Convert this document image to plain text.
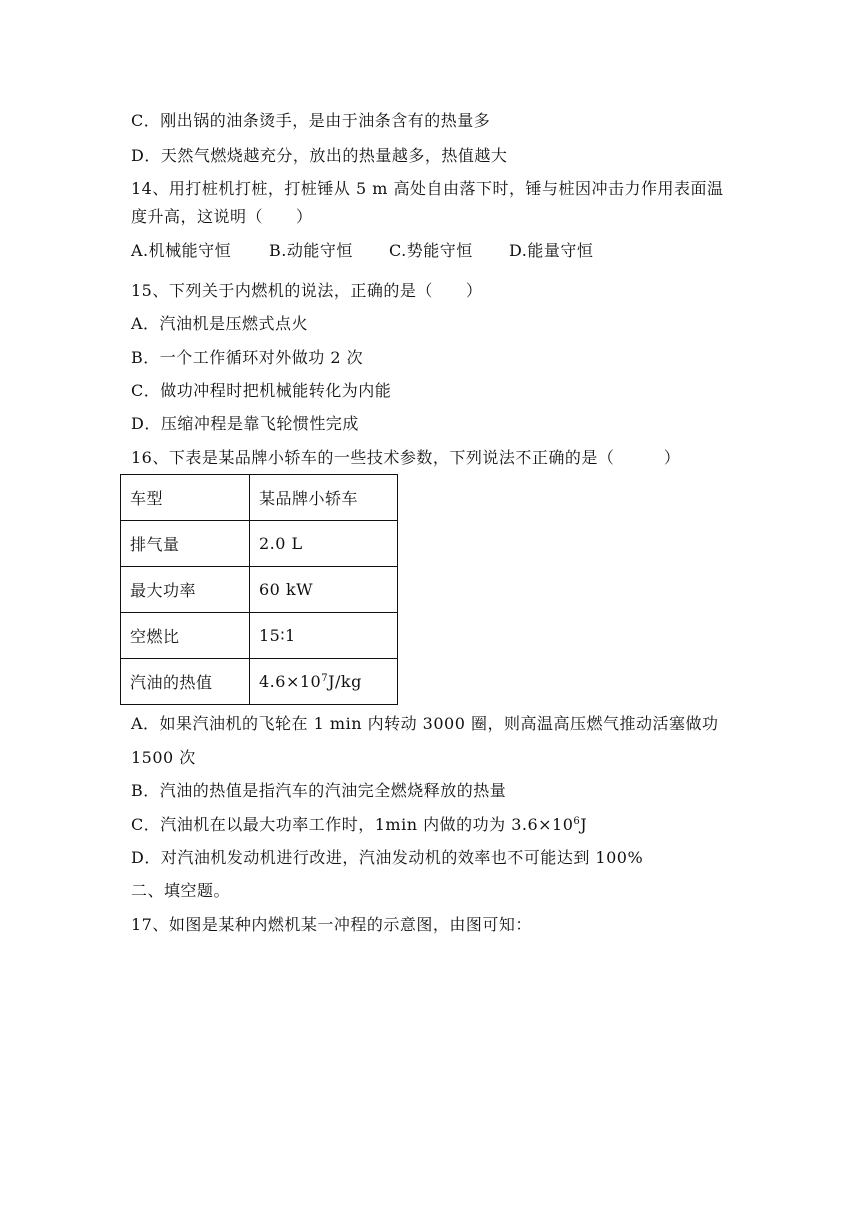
C．刚出锅的油条烫手，是由于油条含有的热量多
D．天然气燃烧越充分，放出的热量越多，热值越大
14、用打桩机打桩，打桩锤从 5 m 高处自由落下时，锤与桩因冲击力作用表面温
度升高，这说明（　　）
A.机械能守恒 B.动能守恒 C.势能守恒 D.能量守恒
15、下列关于内燃机的说法，正确的是（　　）
A．汽油机是压燃式点火
B．一个工作循环对外做功 2 次
C．做功冲程时把机械能转化为内能
D．压缩冲程是靠飞轮惯性完成
16、下表是某品牌小轿车的一些技术参数，下列说法不正确的是（　　　）
车型	某品牌小轿车
排气量	2.0 L
最大功率	60 kW
空燃比	15∶1
汽油的热值	$4.6\times 10^7J/kg$
A．如果汽油机的飞轮在 1 min 内转动 3000 圈，则高温高压燃气推动活塞做功
1500 次
B．汽油的热值是指汽车的汽油完全燃烧释放的热量
C．汽油机在以最大功率工作时，1min 内做的功为 $3.6\times 10^6J$
D．对汽油机发动机进行改进，汽油发动机的效率也不可能达到 100%
二、填空题。
17、如图是某种内燃机某一冲程的示意图，由图可知：
